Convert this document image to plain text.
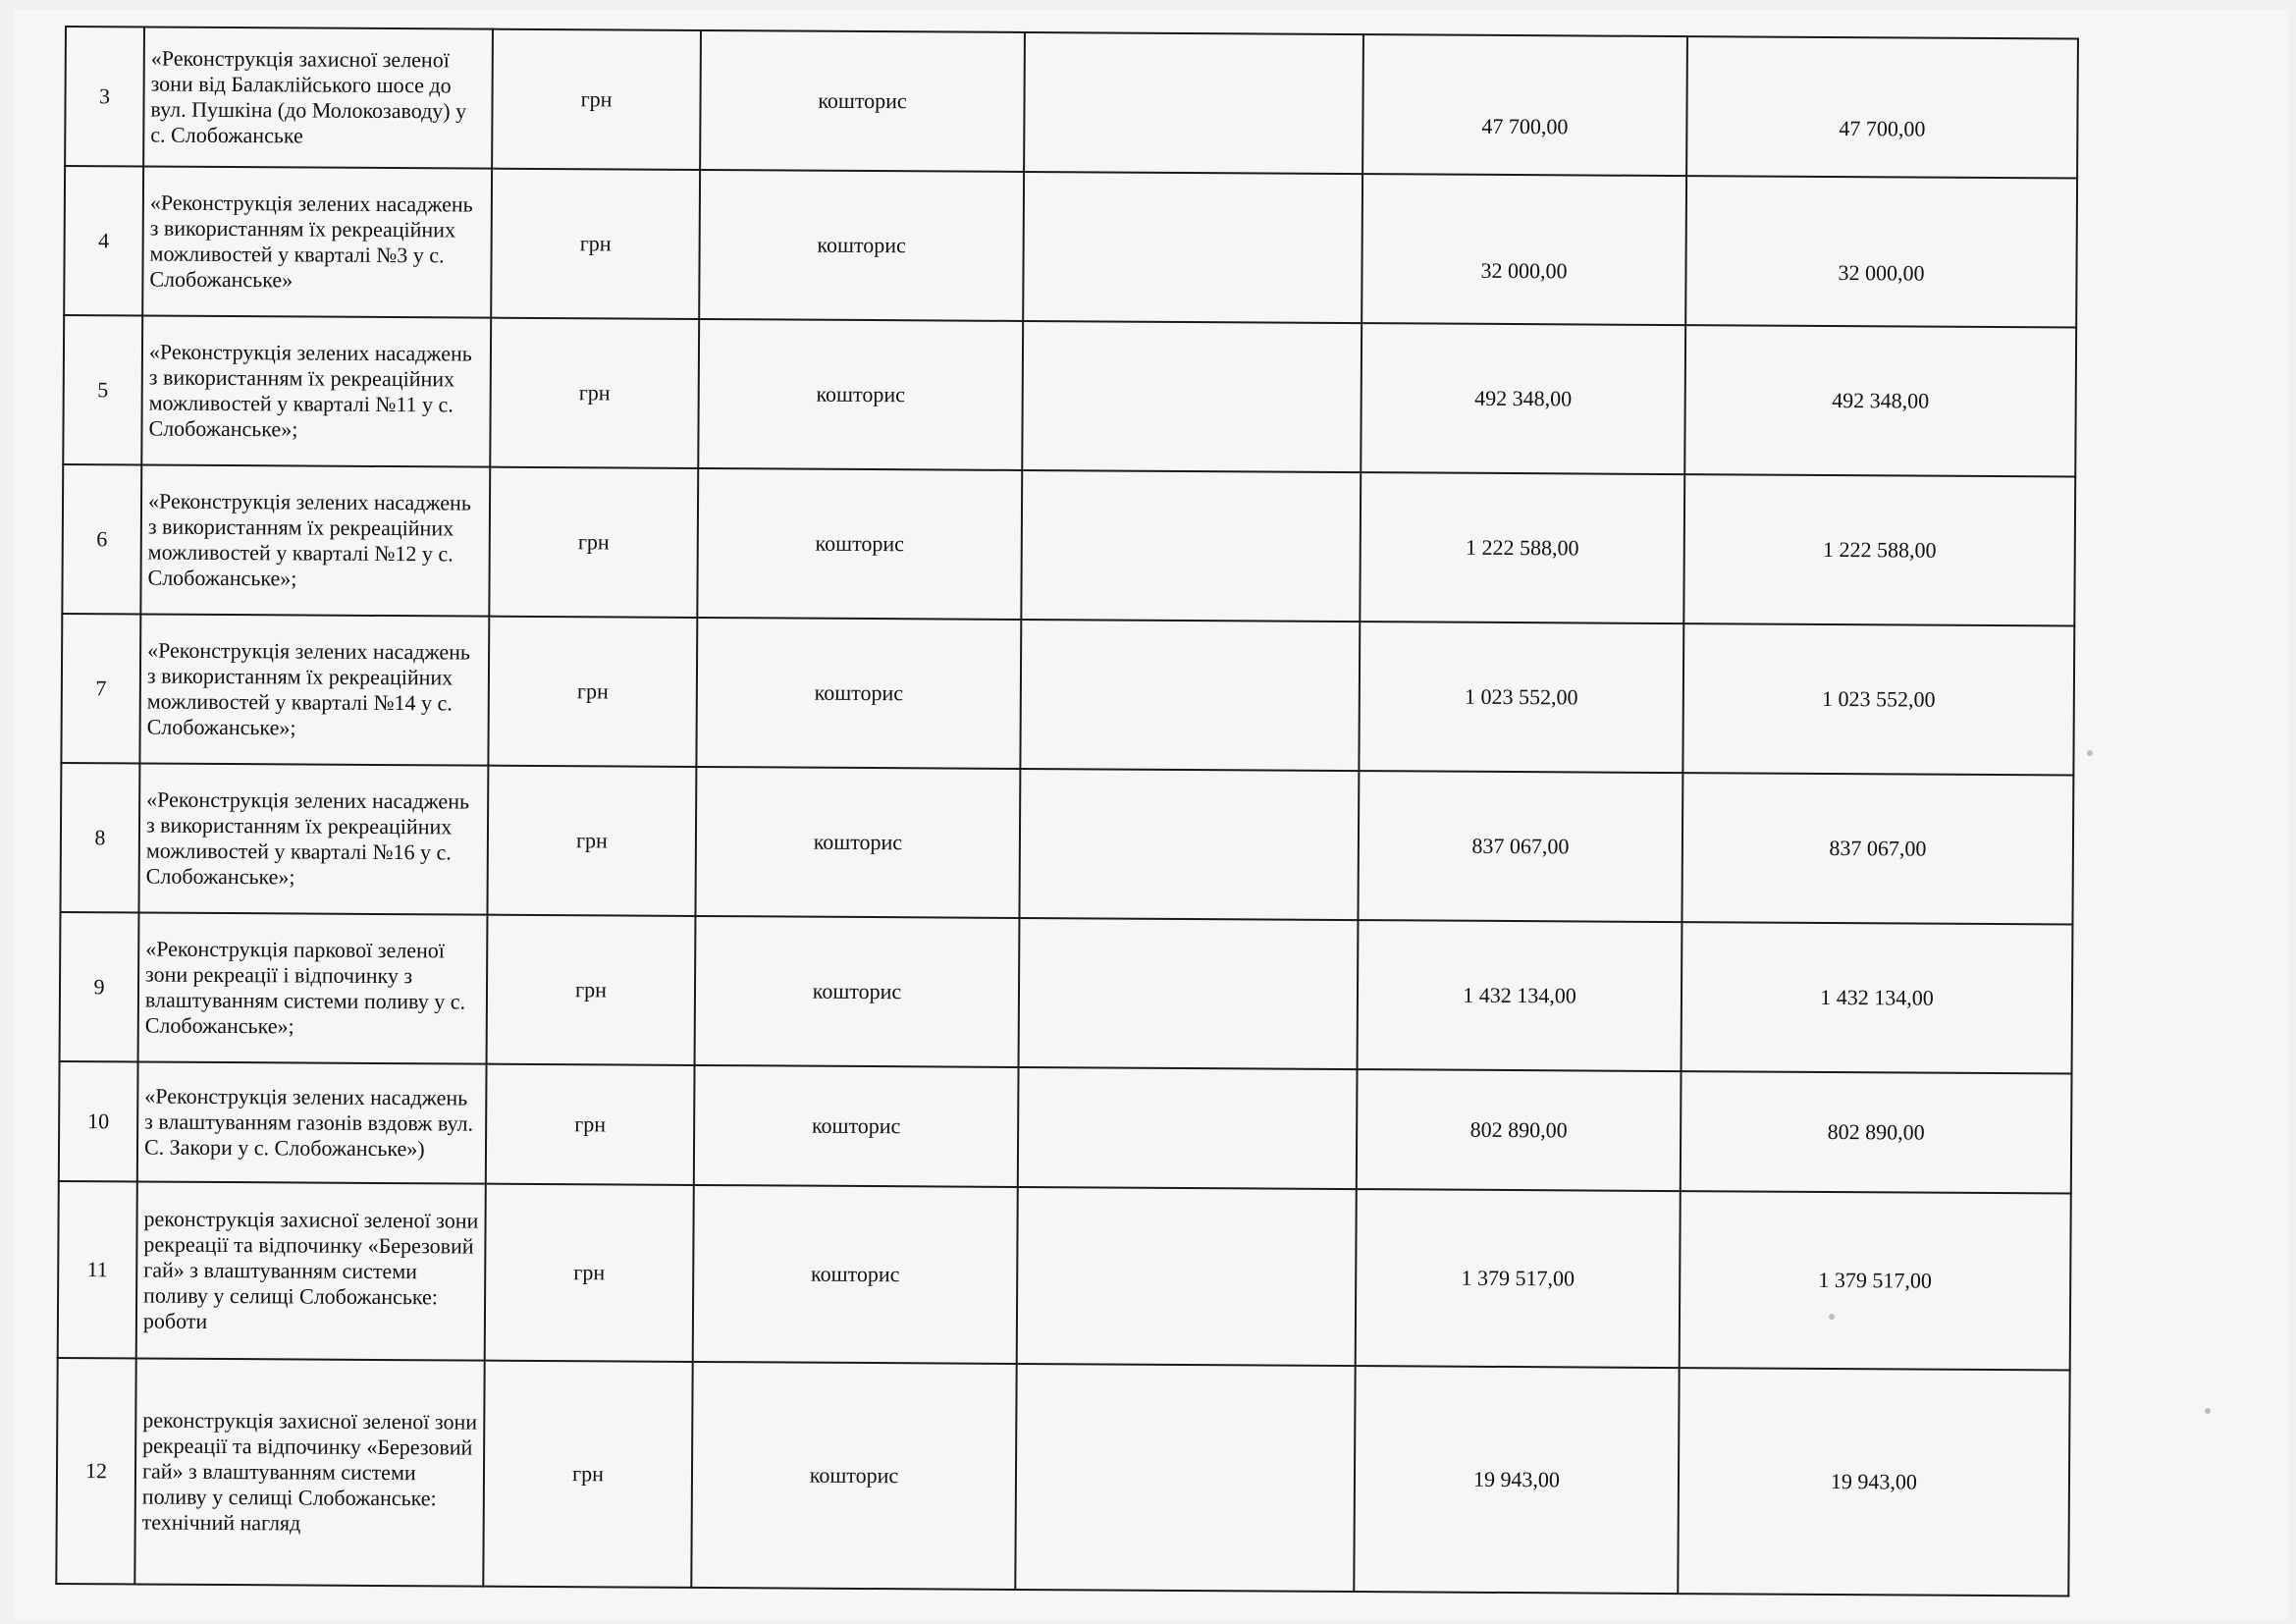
3	«Реконструкція захисної зеленої зони від Балаклійського шосе до вул. Пушкіна (до Молокозаводу) у с. Слобожанське	грн	кошторис		47 700,00	47 700,00
4	«Реконструкція зелених насаджень з використанням їх рекреаційних можливостей у кварталі №3 у с. Слобожанське»	грн	кошторис		32 000,00	32 000,00
5	«Реконструкція зелених насаджень з використанням їх рекреаційних можливостей у кварталі №11 у с. Слобожанське»;	грн	кошторис		492 348,00	492 348,00
6	«Реконструкція зелених насаджень з використанням їх рекреаційних можливостей у кварталі №12 у с. Слобожанське»;	грн	кошторис		1 222 588,00	1 222 588,00
7	«Реконструкція зелених насаджень з використанням їх рекреаційних можливостей у кварталі №14 у с. Слобожанське»;	грн	кошторис		1 023 552,00	1 023 552,00
8	«Реконструкція зелених насаджень з використанням їх рекреаційних можливостей у кварталі №16 у с. Слобожанське»;	грн	кошторис		837 067,00	837 067,00
9	«Реконструкція паркової зеленої зони рекреації і відпочинку з влаштуванням системи поливу у с. Слобожанське»;	грн	кошторис		1 432 134,00	1 432 134,00
10	«Реконструкція зелених насаджень з влаштуванням газонів вздовж вул. С. Закори у с. Слобожанське»)	грн	кошторис		802 890,00	802 890,00
11	реконструкція захисної зеленої зони рекреації та відпочинку «Березовий гай» з влаштуванням системи поливу у селищі Слобожанське: роботи	грн	кошторис		1 379 517,00	1 379 517,00
12	реконструкція захисної зеленої зони рекреації та відпочинку «Березовий гай» з влаштуванням системи поливу у селищі Слобожанське: технічний нагляд	грн	кошторис		19 943,00	19 943,00
